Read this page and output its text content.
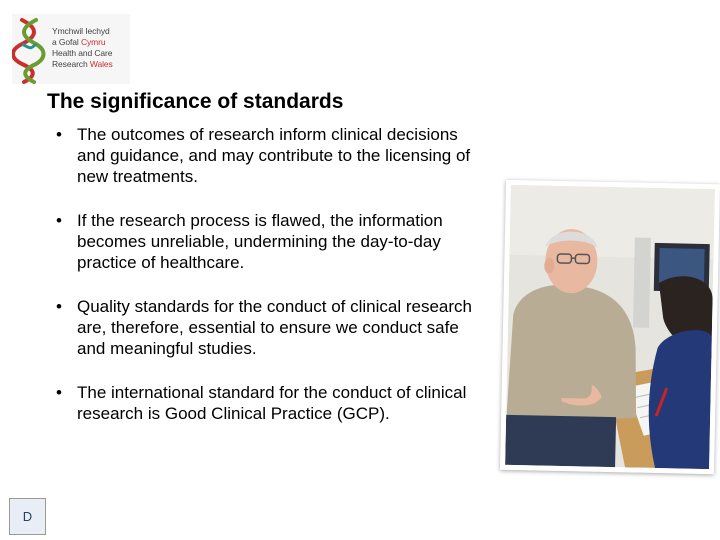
Ymchwil Iechyd
a Gofal Cymru
Health and Care
Research Wales
The significance of standards
• The outcomes of research inform clinical decisions and guidance, and may contribute to the licensing of new treatments.
• If the research process is flawed, the information becomes unreliable, undermining the day-to-day practice of healthcare.
• Quality standards for the conduct of clinical research are, therefore, essential to ensure we conduct safe and meaningful studies.
• The international standard for the conduct of clinical research is Good Clinical Practice (GCP).
D
